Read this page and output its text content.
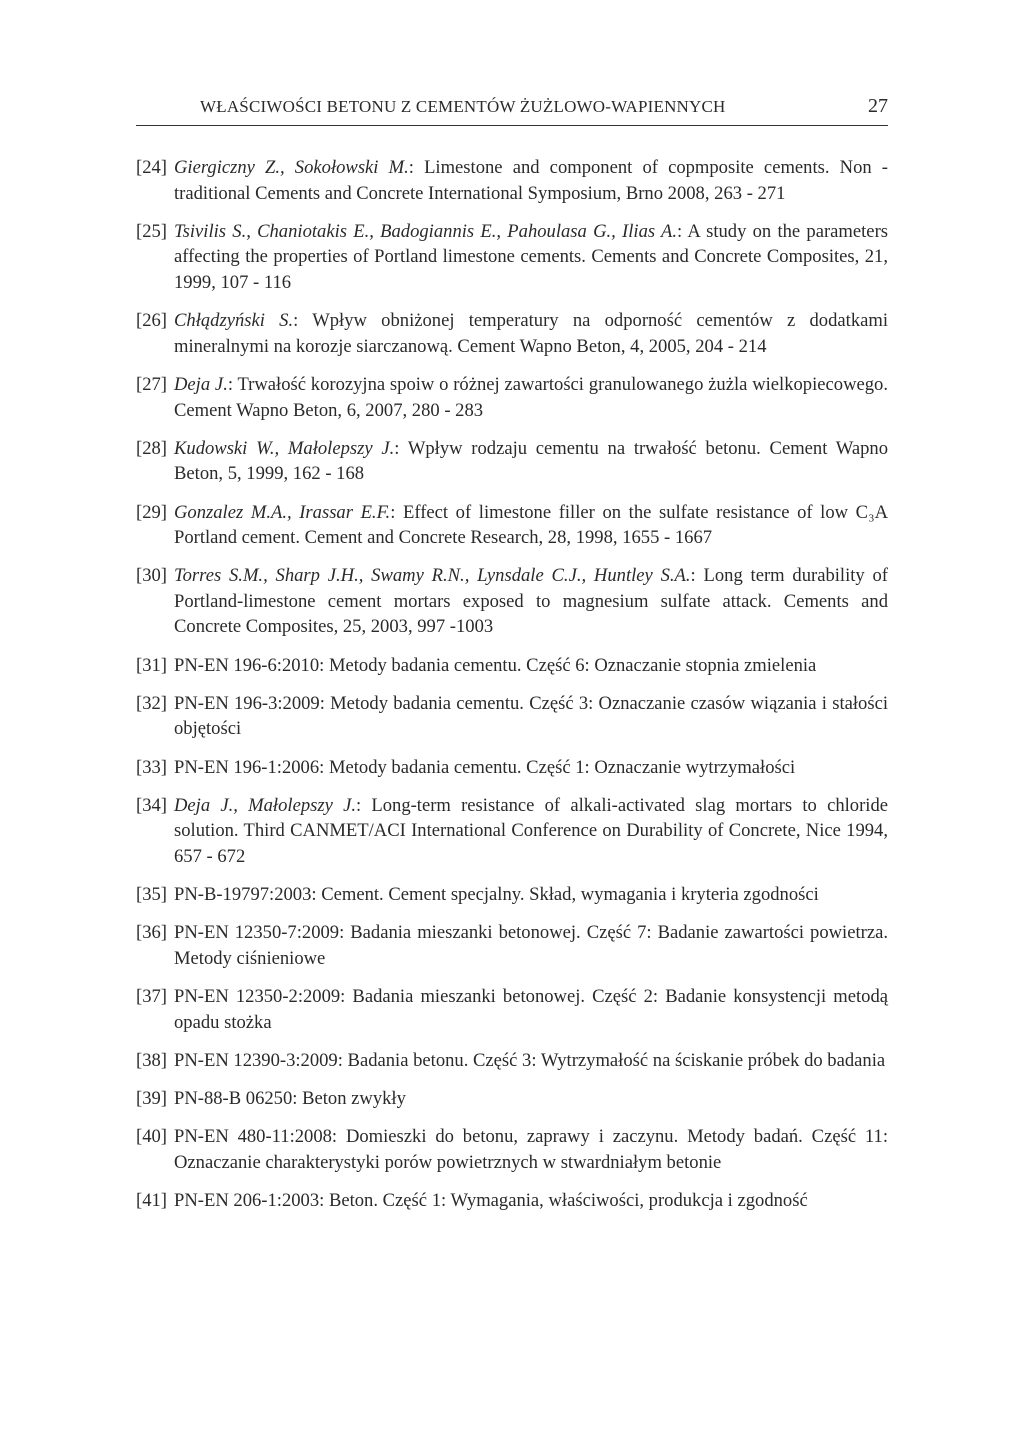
WŁAŚCIWOŚCI BETONU Z CEMENTÓW ŻUŻLOWO-WAPIENNYCH	27
[24] Giergiczny Z., Sokołowski M.: Limestone and component of copmposite cements. Non - traditional Cements and Concrete International Symposium, Brno 2008, 263 - 271
[25] Tsivilis S., Chaniotakis E., Badogiannis E., Pahoulasa G., Ilias A.: A study on the parameters affecting the properties of Portland limestone cements. Cements and Concrete Composites, 21, 1999, 107 - 116
[26] Chłądzyński S.: Wpływ obniżonej temperatury na odporność cementów z dodatkami mineralnymi na korozje siarczanową. Cement Wapno Beton, 4, 2005, 204 - 214
[27] Deja J.: Trwałość korozyjna spoiw o różnej zawartości granulowanego żużla wielkopiecowego. Cement Wapno Beton, 6, 2007, 280 - 283
[28] Kudowski W., Małolepszy J.: Wpływ rodzaju cementu na trwałość betonu. Cement Wapno Beton, 5, 1999, 162 - 168
[29] Gonzalez M.A., Irassar E.F.: Effect of limestone filler on the sulfate resistance of low C₃A Portland cement. Cement and Concrete Research, 28, 1998, 1655 - 1667
[30] Torres S.M., Sharp J.H., Swamy R.N., Lynsdale C.J., Huntley S.A.: Long term durability of Portland-limestone cement mortars exposed to magnesium sulfate attack. Cements and Concrete Composites, 25, 2003, 997 -1003
[31] PN-EN 196-6:2010: Metody badania cementu. Część 6: Oznaczanie stopnia zmielenia
[32] PN-EN 196-3:2009: Metody badania cementu. Część 3: Oznaczanie czasów wiązania i stałości objętości
[33] PN-EN 196-1:2006: Metody badania cementu. Część 1: Oznaczanie wytrzymałości
[34] Deja J., Małolepszy J.: Long-term resistance of alkali-activated slag mortars to chloride solution. Third CANMET/ACI International Conference on Durability of Concrete, Nice 1994, 657 - 672
[35] PN-B-19797:2003: Cement. Cement specjalny. Skład, wymagania i kryteria zgodności
[36] PN-EN 12350-7:2009: Badania mieszanki betonowej. Część 7: Badanie zawartości powietrza. Metody ciśnieniowe
[37] PN-EN 12350-2:2009: Badania mieszanki betonowej. Część 2: Badanie konsystencji metodą opadu stożka
[38] PN-EN 12390-3:2009: Badania betonu. Część 3: Wytrzymałość na ściskanie próbek do badania
[39] PN-88-B 06250: Beton zwykły
[40] PN-EN 480-11:2008: Domieszki do betonu, zaprawy i zaczynu. Metody badań. Część 11: Oznaczanie charakterystyki porów powietrznych w stwardniałym betonie
[41] PN-EN 206-1:2003: Beton. Część 1: Wymagania, właściwości, produkcja i zgodność
